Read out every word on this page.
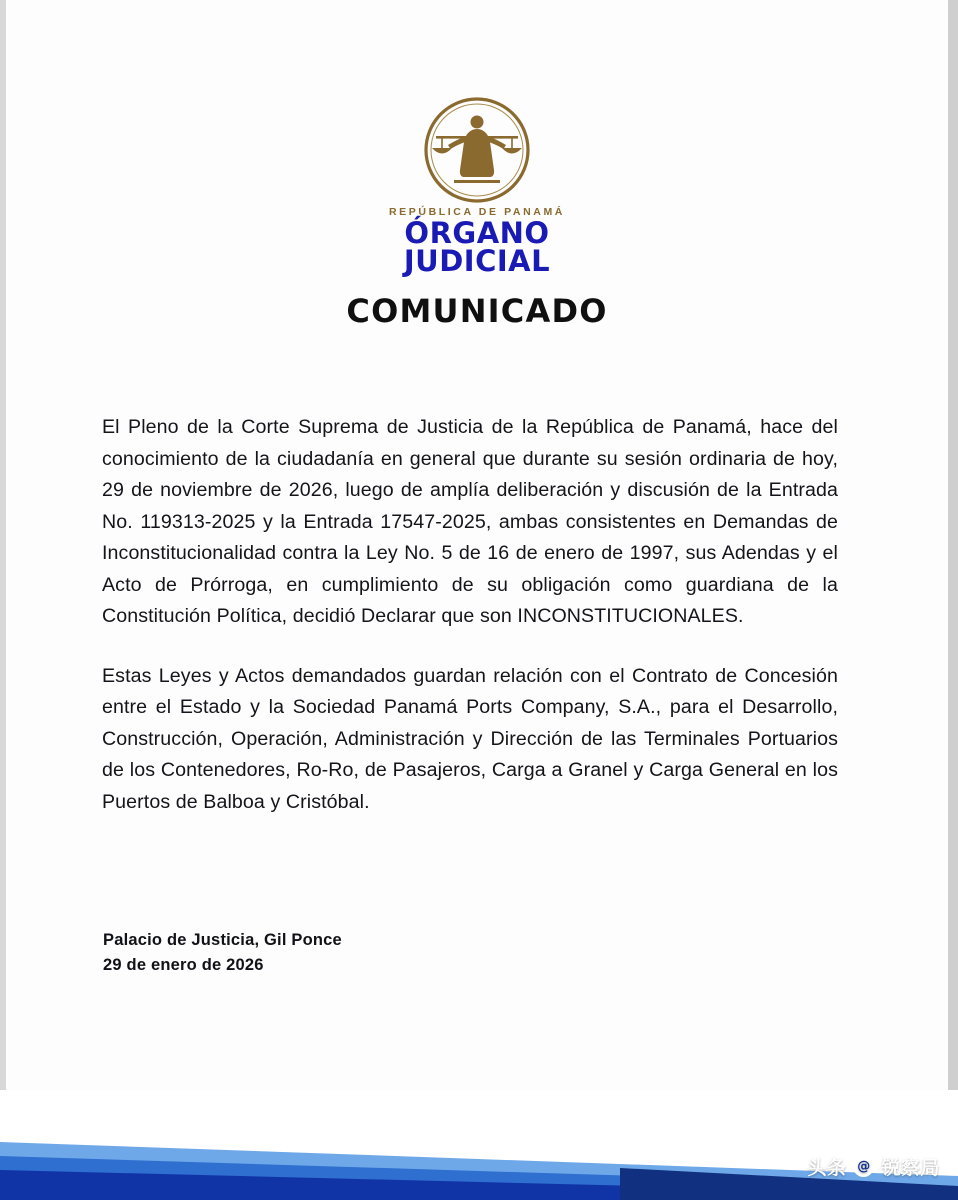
REPÚBLICA DE PANAMÁ
ÓRGANO
JUDICIAL
COMUNICADO

El Pleno de la Corte Suprema de Justicia de la República de Panamá, hace del conocimiento de la ciudadanía en general que durante su sesión ordinaria de hoy, 29 de noviembre de 2026, luego de amplía deliberación y discusión de la Entrada No. 119313-2025 y la Entrada 17547-2025, ambas consistentes en Demandas de Inconstitucionalidad contra la Ley No. 5 de 16 de enero de 1997, sus Adendas y el Acto de Prórroga, en cumplimiento de su obligación como guardiana de la Constitución Política, decidió Declarar que son INCONSTITUCIONALES.

Estas Leyes y Actos demandados guardan relación con el Contrato de Concesión entre el Estado y la Sociedad Panamá Ports Company, S.A., para el Desarrollo, Construcción, Operación, Administración y Dirección de las Terminales Portuarios de los Contenedores, Ro-Ro, de Pasajeros, Carga a Granel y Carga General en los Puertos de Balboa y Cristóbal.

Palacio de Justicia, Gil Ponce
29 de enero de 2026
头条 @ 锐察局
